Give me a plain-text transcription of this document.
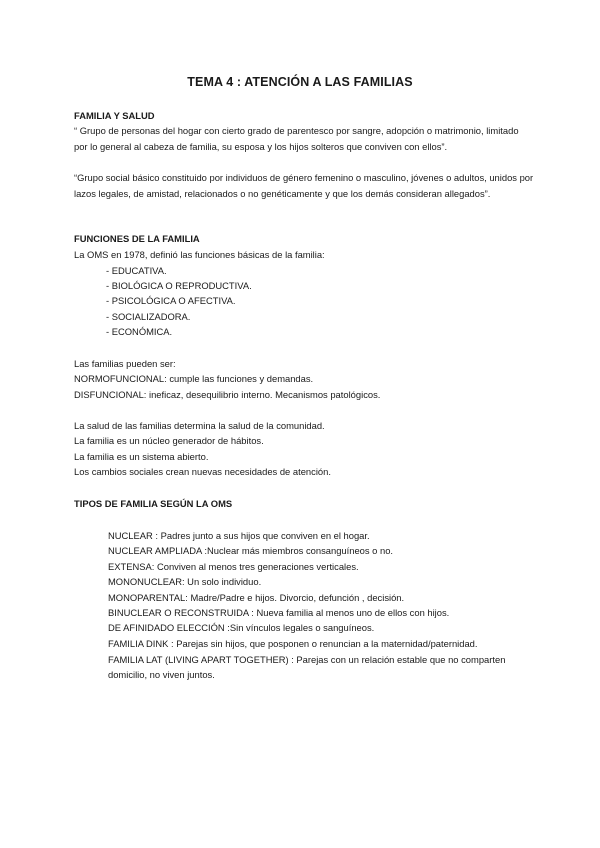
TEMA 4 : ATENCIÓN A LAS FAMILIAS
FAMILIA Y SALUD
“ Grupo de personas del hogar con cierto grado de parentesco por sangre, adopción o matrimonio, limitado por lo general al cabeza de familia, su esposa y los hijos solteros que conviven con ellos”.
“Grupo social básico constituido por individuos de género femenino o masculino, jóvenes o adultos, unidos por lazos legales, de amistad, relacionados o no genéticamente y que los demás consideran allegados”.
FUNCIONES DE LA FAMILIA
La OMS en 1978, definió las funciones básicas de la familia:
- EDUCATIVA.
- BIOLÓGICA O REPRODUCTIVA.
- PSICOLÓGICA O AFECTIVA.
- SOCIALIZADORA.
- ECONÓMICA.
Las familias pueden ser:
NORMOFUNCIONAL: cumple las funciones y demandas.
DISFUNCIONAL: ineficaz, desequilibrio interno. Mecanismos patológicos.
La salud de las familias determina la salud de la comunidad.
La familia es un núcleo generador de hábitos.
La familia es un sistema abierto.
Los cambios sociales crean nuevas necesidades de atención.
TIPOS DE FAMILIA SEGÚN LA OMS
NUCLEAR : Padres junto a sus hijos que conviven en el hogar.
NUCLEAR AMPLIADA :Nuclear más miembros consanguíneos o no.
EXTENSA: Conviven al menos tres generaciones verticales.
MONONUCLEAR: Un solo individuo.
MONOPARENTAL: Madre/Padre e hijos. Divorcio, defunción , decisión.
BINUCLEAR O RECONSTRUIDA : Nueva familia al menos uno de ellos con hijos.
DE AFINIDADO ELECCIÓN :Sin vínculos legales o sanguíneos.
FAMILIA DINK : Parejas sin hijos, que posponen o renuncian a la maternidad/paternidad.
FAMILIA LAT (LIVING APART TOGETHER) : Parejas con un relación estable que no comparten
domicilio, no viven juntos.
